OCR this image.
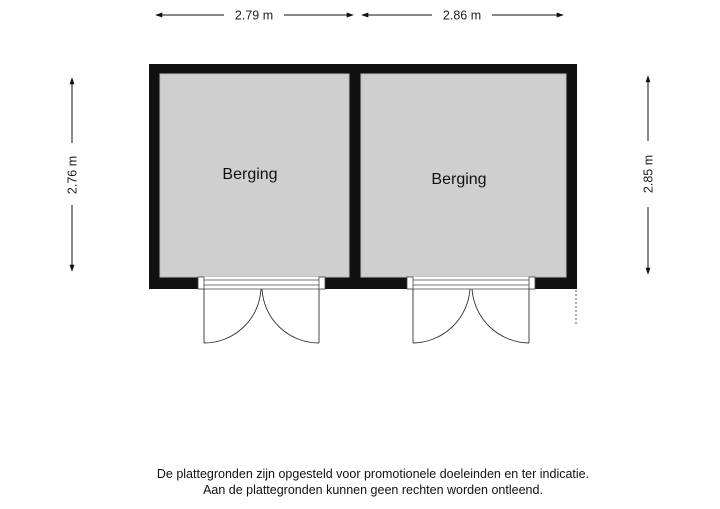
2.79 m	2.86 m
2.76 m	2.85 m
Berging	Berging
De plattegronden zijn opgesteld voor promotionele doeleinden en ter indicatie.
Aan de plattegronden kunnen geen rechten worden ontleend.
